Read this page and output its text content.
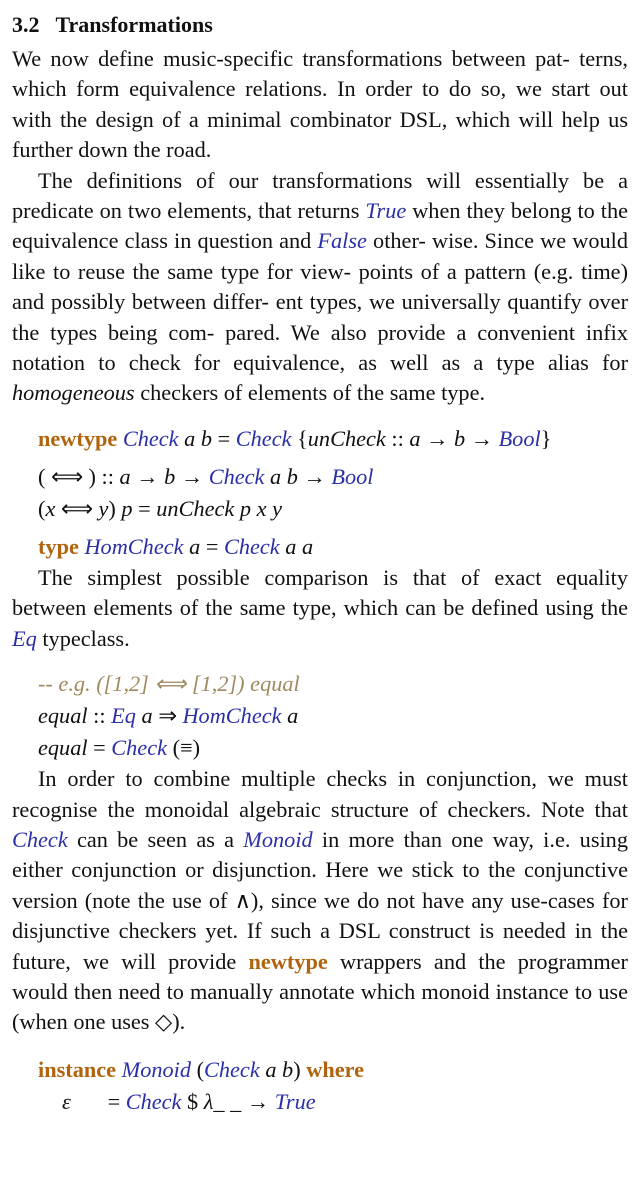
3.2 Transformations

We now define music-specific transformations between pat- terns, which form equivalence relations. In order to do so, we start out with the design of a minimal combinator DSL, which will help us further down the road.

The definitions of our transformations will essentially be a predicate on two elements, that returns True when they belong to the equivalence class in question and False other- wise. Since we would like to reuse the same type for view- points of a pattern (e.g. time) and possibly between differ- ent types, we universally quantify over the types being com- pared. We also provide a convenient infix notation to check for equivalence, as well as a type alias for homogeneous checkers of elements of the same type.

newtype Check a b = Check {unCheck :: a → b → Bool}
( ⟺ ) :: a → b → Check a b → Bool
(x ⟺ y) p = unCheck p x y
type HomCheck a = Check a a

The simplest possible comparison is that of exact equality between elements of the same type, which can be defined using the Eq typeclass.

-- e.g. ([1,2] ⟺ [1,2]) equal
equal :: Eq a ⇒ HomCheck a
equal = Check (≡)

In order to combine multiple checks in conjunction, we must recognise the monoidal algebraic structure of checkers. Note that Check can be seen as a Monoid in more than one way, i.e. using either conjunction or disjunction. Here we stick to the conjunctive version (note the use of ∧), since we do not have any use-cases for disjunctive checkers yet. If such a DSL construct is needed in the future, we will provide newtype wrappers and the programmer would then need to manually annotate which monoid instance to use (when one uses ◇).

instance Monoid (Check a b) where
ε = Check $ λ_ _ → True
